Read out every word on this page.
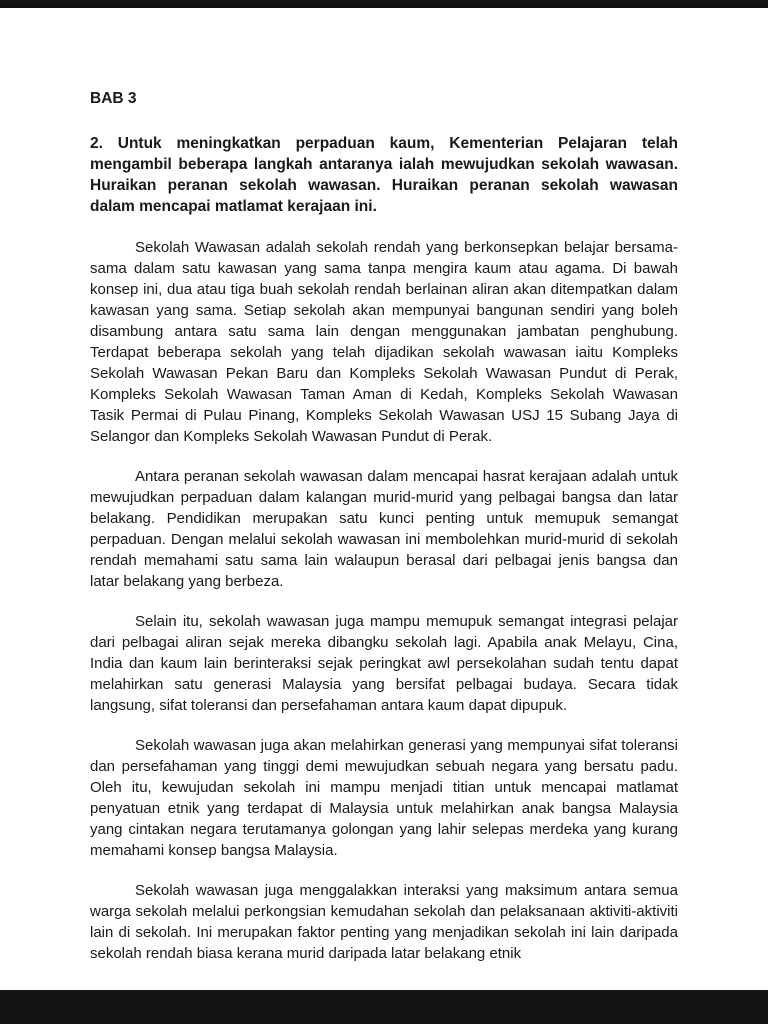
BAB 3

2. Untuk meningkatkan perpaduan kaum, Kementerian Pelajaran telah mengambil beberapa langkah antaranya ialah mewujudkan sekolah wawasan. Huraikan peranan sekolah wawasan. Huraikan peranan sekolah wawasan dalam mencapai matlamat kerajaan ini.

Sekolah Wawasan adalah sekolah rendah yang berkonsepkan belajar bersama-sama dalam satu kawasan yang sama tanpa mengira kaum atau agama. Di bawah konsep ini, dua atau tiga buah sekolah rendah berlainan aliran akan ditempatkan dalam kawasan yang sama. Setiap sekolah akan mempunyai bangunan sendiri yang boleh disambung antara satu sama lain dengan menggunakan jambatan penghubung. Terdapat beberapa sekolah yang telah dijadikan sekolah wawasan iaitu Kompleks Sekolah Wawasan Pekan Baru dan Kompleks Sekolah Wawasan Pundut di Perak, Kompleks Sekolah Wawasan Taman Aman di Kedah, Kompleks Sekolah Wawasan Tasik Permai di Pulau Pinang, Kompleks Sekolah Wawasan USJ 15 Subang Jaya di Selangor dan Kompleks Sekolah Wawasan Pundut di Perak.

Antara peranan sekolah wawasan dalam mencapai hasrat kerajaan adalah untuk mewujudkan perpaduan dalam kalangan murid-murid yang pelbagai bangsa dan latar belakang. Pendidikan merupakan satu kunci penting untuk memupuk semangat perpaduan. Dengan melalui sekolah wawasan ini membolehkan murid-murid di sekolah rendah memahami satu sama lain walaupun berasal dari pelbagai jenis bangsa dan latar belakang yang berbeza.

Selain itu, sekolah wawasan juga mampu memupuk semangat integrasi pelajar dari pelbagai aliran sejak mereka dibangku sekolah lagi. Apabila anak Melayu, Cina, India dan kaum lain berinteraksi sejak peringkat awl persekolahan sudah tentu dapat melahirkan satu generasi Malaysia yang bersifat pelbagai budaya. Secara tidak langsung, sifat toleransi dan persefahaman antara kaum dapat dipupuk.

Sekolah wawasan juga akan melahirkan generasi yang mempunyai sifat toleransi dan persefahaman yang tinggi demi mewujudkan sebuah negara yang bersatu padu. Oleh itu, kewujudan sekolah ini mampu menjadi titian untuk mencapai matlamat penyatuan etnik yang terdapat di Malaysia untuk melahirkan anak bangsa Malaysia yang cintakan negara terutamanya golongan yang lahir selepas merdeka yang kurang memahami konsep bangsa Malaysia.

Sekolah wawasan juga menggalakkan interaksi yang maksimum antara semua warga sekolah melalui perkongsian kemudahan sekolah dan pelaksanaan aktiviti-aktiviti lain di sekolah. Ini merupakan faktor penting yang menjadikan sekolah ini lain daripada sekolah rendah biasa kerana murid daripada latar belakang etnik
